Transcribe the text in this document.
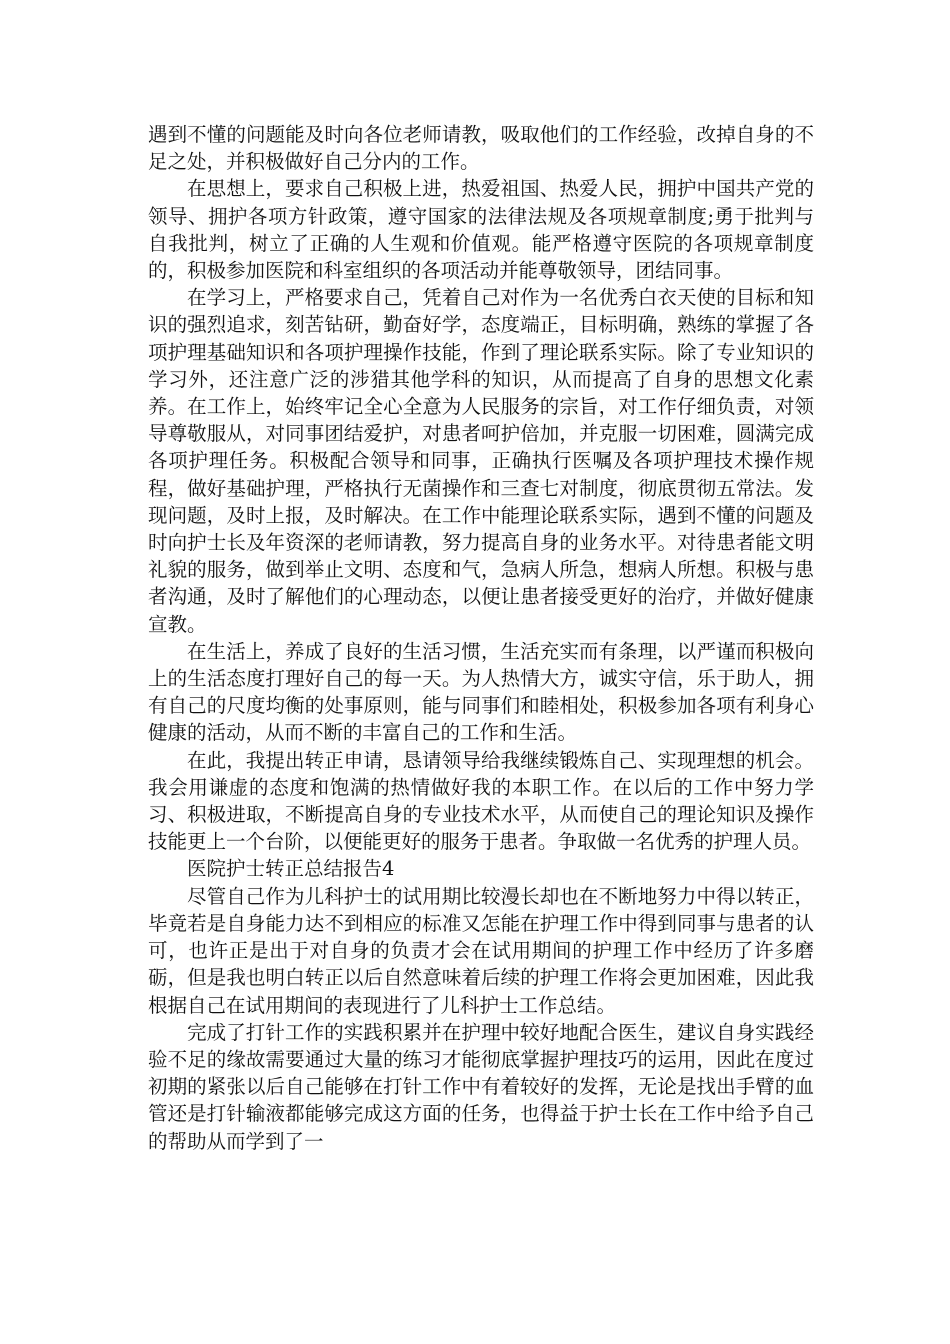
遇到不懂的问题能及时向各位老师请教，吸取他们的工作经验，改掉自身的不足之处，并积极做好自己分内的工作。

在思想上，要求自己积极上进，热爱祖国、热爱人民，拥护中国共产党的领导、拥护各项方针政策，遵守国家的法律法规及各项规章制度;勇于批判与自我批判，树立了正确的人生观和价值观。能严格遵守医院的各项规章制度的，积极参加医院和科室组织的各项活动并能尊敬领导，团结同事。

在学习上，严格要求自己，凭着自己对作为一名优秀白衣天使的目标和知识的强烈追求，刻苦钻研，勤奋好学，态度端正，目标明确，熟练的掌握了各项护理基础知识和各项护理操作技能，作到了理论联系实际。除了专业知识的学习外，还注意广泛的涉猎其他学科的知识，从而提高了自身的思想文化素养。在工作上，始终牢记全心全意为人民服务的宗旨，对工作仔细负责，对领导尊敬服从，对同事团结爱护，对患者呵护倍加，并克服一切困难，圆满完成各项护理任务。积极配合领导和同事，正确执行医嘱及各项护理技术操作规程，做好基础护理，严格执行无菌操作和三查七对制度，彻底贯彻五常法。发现问题，及时上报，及时解决。在工作中能理论联系实际，遇到不懂的问题及时向护士长及年资深的老师请教，努力提高自身的业务水平。对待患者能文明礼貌的服务，做到举止文明、态度和气，急病人所急，想病人所想。积极与患者沟通，及时了解他们的心理动态，以便让患者接受更好的治疗，并做好健康宣教。

在生活上，养成了良好的生活习惯，生活充实而有条理，以严谨而积极向上的生活态度打理好自己的每一天。为人热情大方，诚实守信，乐于助人，拥有自己的尺度均衡的处事原则，能与同事们和睦相处，积极参加各项有利身心健康的活动，从而不断的丰富自己的工作和生活。

在此，我提出转正申请，恳请领导给我继续锻炼自己、实现理想的机会。我会用谦虚的态度和饱满的热情做好我的本职工作。在以后的工作中努力学习、积极进取，不断提高自身的专业技术水平，从而使自己的理论知识及操作技能更上一个台阶，以便能更好的服务于患者。争取做一名优秀的护理人员。

医院护士转正总结报告4

尽管自己作为儿科护士的试用期比较漫长却也在不断地努力中得以转正，毕竟若是自身能力达不到相应的标准又怎能在护理工作中得到同事与患者的认可，也许正是出于对自身的负责才会在试用期间的护理工作中经历了许多磨砺，但是我也明白转正以后自然意味着后续的护理工作将会更加困难，因此我根据自己在试用期间的表现进行了儿科护士工作总结。

完成了打针工作的实践积累并在护理中较好地配合医生，建议自身实践经验不足的缘故需要通过大量的练习才能彻底掌握护理技巧的运用，因此在度过初期的紧张以后自己能够在打针工作中有着较好的发挥，无论是找出手臂的血管还是打针输液都能够完成这方面的任务，也得益于护士长在工作中给予自己的帮助从而学到了一
